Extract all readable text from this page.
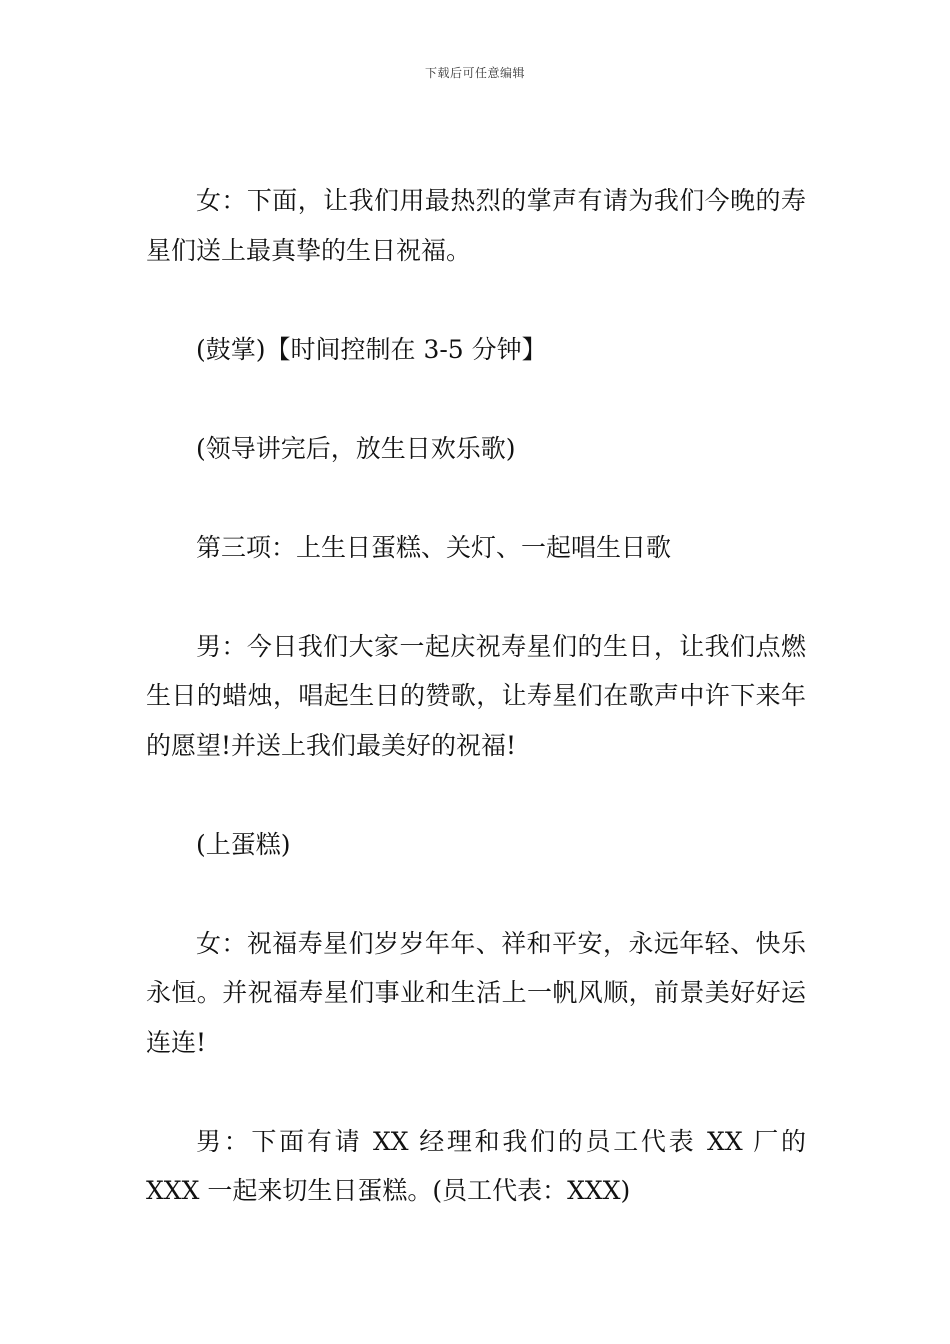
下载后可任意编辑

女：下面，让我们用最热烈的掌声有请为我们今晚的寿星们送上最真挚的生日祝福。

(鼓掌)【时间控制在 3-5 分钟】

(领导讲完后，放生日欢乐歌)

第三项：上生日蛋糕、关灯、一起唱生日歌

男：今日我们大家一起庆祝寿星们的生日，让我们点燃生日的蜡烛，唱起生日的赞歌，让寿星们在歌声中许下来年的愿望!并送上我们最美好的祝福!

(上蛋糕)

女：祝福寿星们岁岁年年、祥和平安，永远年轻、快乐永恒。并祝福寿星们事业和生活上一帆风顺，前景美好好运连连!

男：下面有请 XX 经理和我们的员工代表 XX 厂的 XXX 一起来切生日蛋糕。(员工代表：XXX)
